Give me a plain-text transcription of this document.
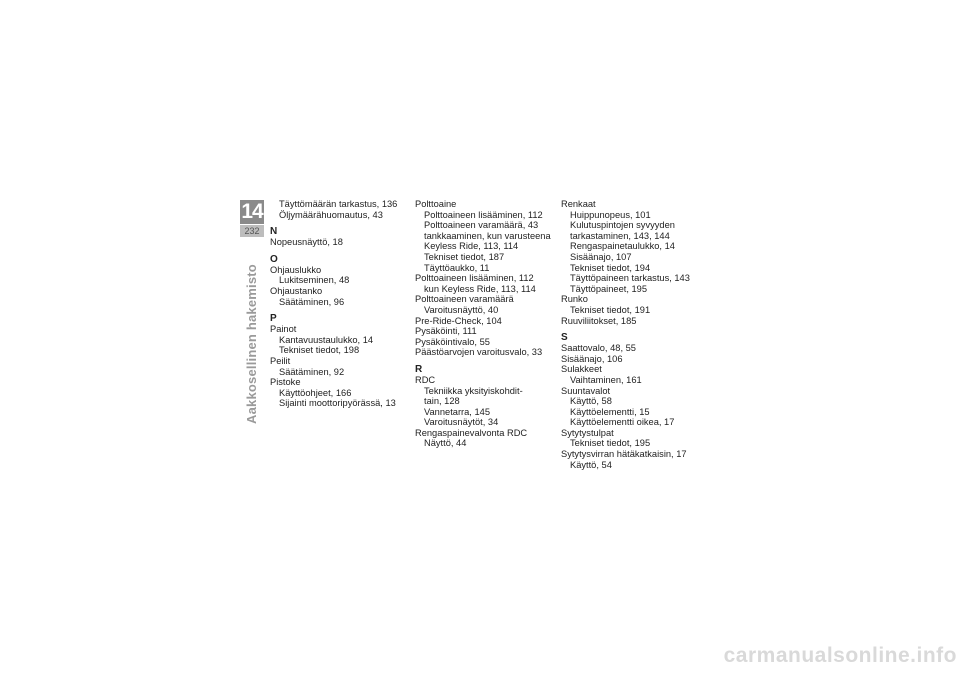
14
232
Aakkosellinen hakemisto
Täyttömäärän tarkastus, 136
Öljymäärähuomautus, 43
N
Nopeusnäyttö, 18
O
Ohjauslukko
Lukitseminen, 48
Ohjaustanko
Säätäminen, 96
P
Painot
Kantavuustaulukko, 14
Tekniset tiedot, 198
Peilit
Säätäminen, 92
Pistoke
Käyttöohjeet, 166
Sijainti moottoripyörässä, 13
Polttoaine
Polttoaineen lisääminen, 112
Polttoaineen varamäärä, 43
tankkaaminen, kun varusteena
Keyless Ride, 113, 114
Tekniset tiedot, 187
Täyttöaukko, 11
Polttoaineen lisääminen, 112
kun Keyless Ride, 113, 114
Polttoaineen varamäärä
Varoitusnäyttö, 40
Pre-Ride-Check, 104
Pysäköinti, 111
Pysäköintivalo, 55
Päästöarvojen varoitusvalo, 33
R
RDC
Tekniikka yksityiskohdit-
tain, 128
Vannetarra, 145
Varoitusnäytöt, 34
Rengaspainevalvonta RDC
Näyttö, 44
Renkaat
Huippunopeus, 101
Kulutuspintojen syvyyden
tarkastaminen, 143, 144
Rengaspainetaulukko, 14
Sisäänajo, 107
Tekniset tiedot, 194
Täyttöpaineen tarkastus, 143
Täyttöpaineet, 195
Runko
Tekniset tiedot, 191
Ruuviliitokset, 185
S
Saattovalo, 48, 55
Sisäänajo, 106
Sulakkeet
Vaihtaminen, 161
Suuntavalot
Käyttö, 58
Käyttöelementti, 15
Käyttöelementti oikea, 17
Sytytystulpat
Tekniset tiedot, 195
Sytytysvirran hätäkatkaisin, 17
Käyttö, 54
carmanualsonline.info
